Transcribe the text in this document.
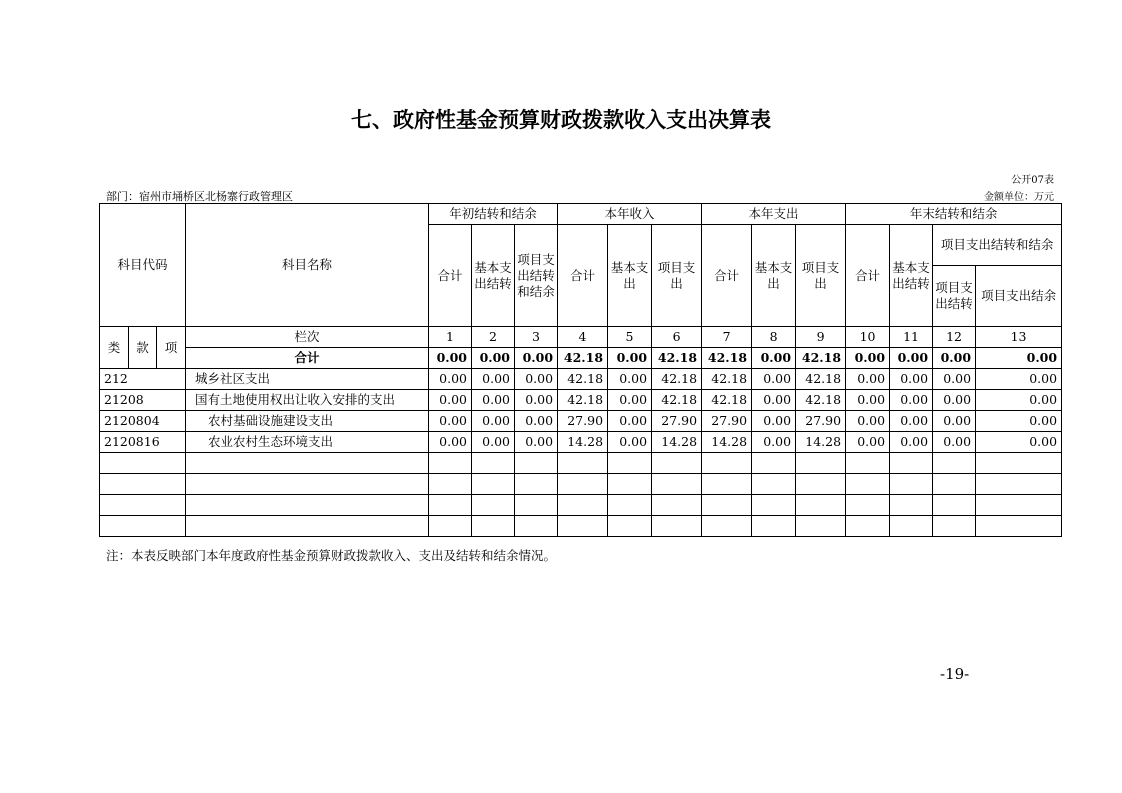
七、政府性基金预算财政拨款收入支出决算表
公开07表
部门：宿州市埇桥区北杨寨行政管理区	金额单位：万元
科目代码			科目名称	年初结转和结余			本年收入			本年支出			年末结转和结余			
				合计	基本支出结转	项目支出结转和结余	合计	基本支出	项目支出	合计	基本支出	项目支出	合计	基本支出结转	项目支出结转和结余	
															项目支出结转	项目支出结余
类	款	项	栏次	1	2	3	4	5	6	7	8	9	10	11	12	13
			合计	0.00	0.00	0.00	42.18	0.00	42.18	42.18	0.00	42.18	0.00	0.00	0.00	0.00
212			城乡社区支出	0.00	0.00	0.00	42.18	0.00	42.18	42.18	0.00	42.18	0.00	0.00	0.00	0.00
21208			国有土地使用权出让收入安排的支出	0.00	0.00	0.00	42.18	0.00	42.18	42.18	0.00	42.18	0.00	0.00	0.00	0.00
2120804			农村基础设施建设支出	0.00	0.00	0.00	27.90	0.00	27.90	27.90	0.00	27.90	0.00	0.00	0.00	0.00
2120816			农业农村生态环境支出	0.00	0.00	0.00	14.28	0.00	14.28	14.28	0.00	14.28	0.00	0.00	0.00	0.00

注：本表反映部门本年度政府性基金预算财政拨款收入、支出及结转和结余情况。
-19-
